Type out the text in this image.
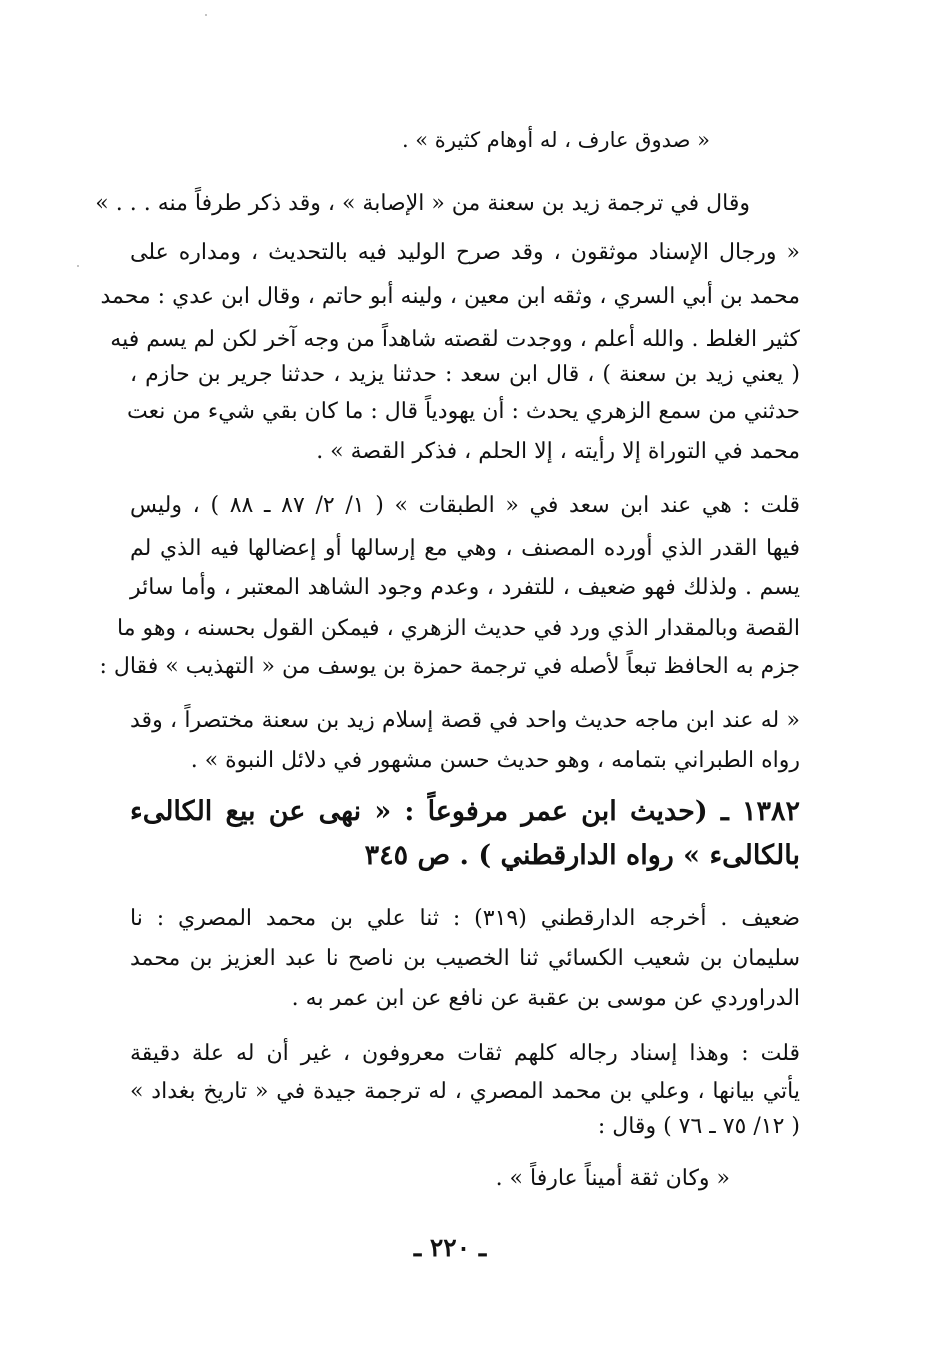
« صدوق عارف ، له أوهام كثيرة » .
وقال في ترجمة زيد بن سعنة من « الإصابة » ، وقد ذكر طرفاً منه . . . »
« ورجال الإسناد موثقون ، وقد صرح الوليد فيه بالتحديث ، ومداره على
محمد بن أبي السري ، وثقه ابن معين ، ولينه أبو حاتم ، وقال ابن عدي : محمد
كثير الغلط . والله أعلم ، ووجدت لقصته شاهداً من وجه آخر لكن لم يسم فيه
( يعني زيد بن سعنة ) ، قال ابن سعد : حدثنا يزيد ، حدثنا جرير بن حازم ،
حدثني من سمع الزهري يحدث : أن يهودياً قال : ما كان بقي شيء من نعت
محمد في التوراة إلا رأيته ، إلا الحلم ، فذكر القصة » .
قلت : هي عند ابن سعد في « الطبقات » ( ١/ ٢/ ٨٧ ـ ٨٨ ) ، وليس
فيها القدر الذي أورده المصنف ، وهي مع إرسالها أو إعضالها فيه الذي لم
يسم . ولذلك فهو ضعيف ، للتفرد ، وعدم وجود الشاهد المعتبر ، وأما سائر
القصة وبالمقدار الذي ورد في حديث الزهري ، فيمكن القول بحسنه ، وهو ما
جزم به الحافظ تبعاً لأصله في ترجمة حمزة بن يوسف من « التهذيب » فقال :
« له عند ابن ماجه حديث واحد في قصة إسلام زيد بن سعنة مختصراً ، وقد
رواه الطبراني بتمامه ، وهو حديث حسن مشهور في دلائل النبوة » .
١٣٨٢ ـ (حديث ابن عمر مرفوعاً : « نهى عن بيع الكالىء
بالكالىء » رواه الدارقطني ) . ص ٣٤٥
ضعيف . أخرجه الدارقطني (٣١٩) : ثنا علي بن محمد المصري : نا
سليمان بن شعيب الكسائي ثنا الخصيب بن ناصح نا عبد العزيز بن محمد
الدراوردي عن موسى بن عقبة عن نافع عن ابن عمر به .
قلت : وهذا إسناد رجاله كلهم ثقات معروفون ، غير أن له علة دقيقة
يأتي بيانها ، وعلي بن محمد المصري ، له ترجمة جيدة في « تاريخ بغداد »
( ١٢/ ٧٥ ـ ٧٦ ) وقال :
« وكان ثقة أميناً عارفاً » .
ـ ٢٢٠ ـ
